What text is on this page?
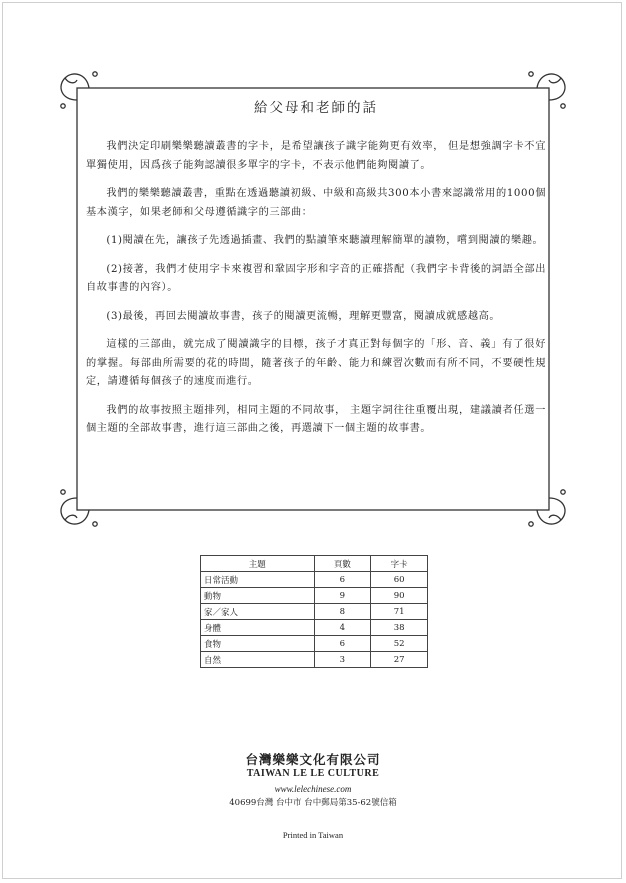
給父母和老師的話

我們決定印刷樂樂聽讀叢書的字卡，是希望讓孩子識字能夠更有效率， 但是想強調字卡不宜單獨使用，因爲孩子能夠認讀很多單字的字卡，不表示他們能夠閱讀了。

我們的樂樂聽讀叢書，重點在透過聽讀初級、中級和高級共300本小書來認識常用的1000個基本漢字，如果老師和父母遵循識字的三部曲：

(1)閱讀在先，讓孩子先透過插畫、我們的點讀筆來聽讀理解簡單的讀物，嚐到閱讀的樂趣。

(2)接著，我們才使用字卡來複習和鞏固字形和字音的正確搭配（我們字卡背後的詞語全部出自故事書的內容）。

(3)最後，再回去閱讀故事書，孩子的閱讀更流暢，理解更豐富，閱讀成就感越高。

這樣的三部曲，就完成了閱讀識字的目標，孩子才真正對每個字的「形、音、義」有了很好的掌握。每部曲所需要的花的時間，隨著孩子的年齡、能力和練習次數而有所不同，不要硬性規定，請遵循每個孩子的速度而進行。

我們的故事按照主題排列，相同主題的不同故事， 主題字詞往往重覆出現，建議讀者任選一個主題的全部故事書，進行這三部曲之後，再選讀下一個主題的故事書。

主題	頁數	字卡
日常活動	6	60
動物	9	90
家／家人	8	71
身體	4	38
食物	6	52
自然	3	27
台灣樂樂文化有限公司
TAIWAN LE LE CULTURE
www.lelechinese.com
40699台灣 台中市 台中郵局第35-62號信箱
Printed in Taiwan
